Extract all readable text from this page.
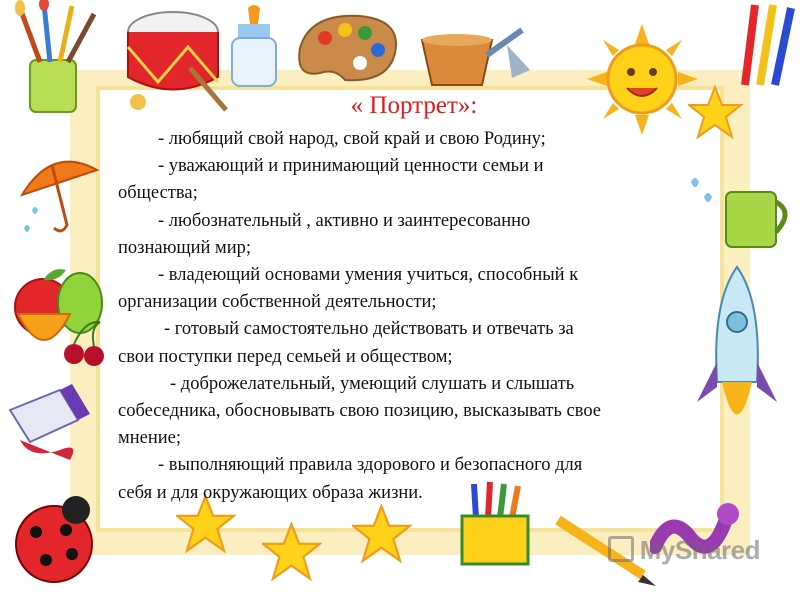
« Портрет»:
- любящий свой народ, свой край и свою Родину;
- уважающий и принимающий ценности семьи и
общества;
- любознательный , активно и заинтересованно
познающий мир;
- владеющий основами умения учиться, способный к
организации собственной деятельности;
- готовый самостоятельно действовать и отвечать за
свои поступки перед семьей и обществом;
- доброжелательный, умеющий слушать и слышать
собеседника, обосновывать свою позицию, высказывать свое
мнение;
- выполняющий правила здорового и безопасного для
себя и для окружающих образа жизни.
MyShared
